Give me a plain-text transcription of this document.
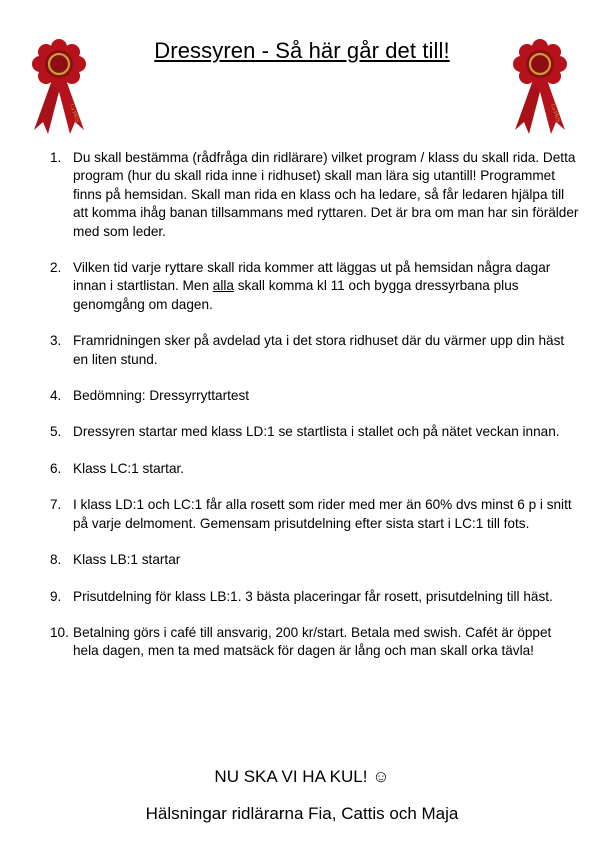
1:a PRIS
Dressyren - Så här går det till!
1:a PRIS
1. Du skall bestämma (rådfråga din ridlärare) vilket program / klass du skall rida. Detta program (hur du skall rida inne i ridhuset) skall man lära sig utantill! Programmet finns på hemsidan. Skall man rida en klass och ha ledare, så får ledaren hjälpa till att komma ihåg banan tillsammans med ryttaren. Det är bra om man har sin förälder med som leder.
2. Vilken tid varje ryttare skall rida kommer att läggas ut på hemsidan några dagar innan i startlistan. Men alla skall komma kl 11 och bygga dressyrbana plus genomgång om dagen.
3. Framridningen sker på avdelad yta i det stora ridhuset där du värmer upp din häst en liten stund.
4. Bedömning: Dressyrryttartest
5. Dressyren startar med klass LD:1 se startlista i stallet och på nätet veckan innan.
6. Klass LC:1 startar.
7. I klass LD:1 och LC:1 får alla rosett som rider med mer än 60% dvs minst 6 p i snitt på varje delmoment. Gemensam prisutdelning efter sista start i LC:1 till fots.
8. Klass LB:1 startar
9. Prisutdelning för klass LB:1. 3 bästa placeringar får rosett, prisutdelning till häst.
10. Betalning görs i café till ansvarig, 200 kr/start. Betala med swish. Cafét är öppet hela dagen, men ta med matsäck för dagen är lång och man skall orka tävla!
NU SKA VI HA KUL! ☺
Hälsningar ridlärarna Fia, Cattis och Maja
